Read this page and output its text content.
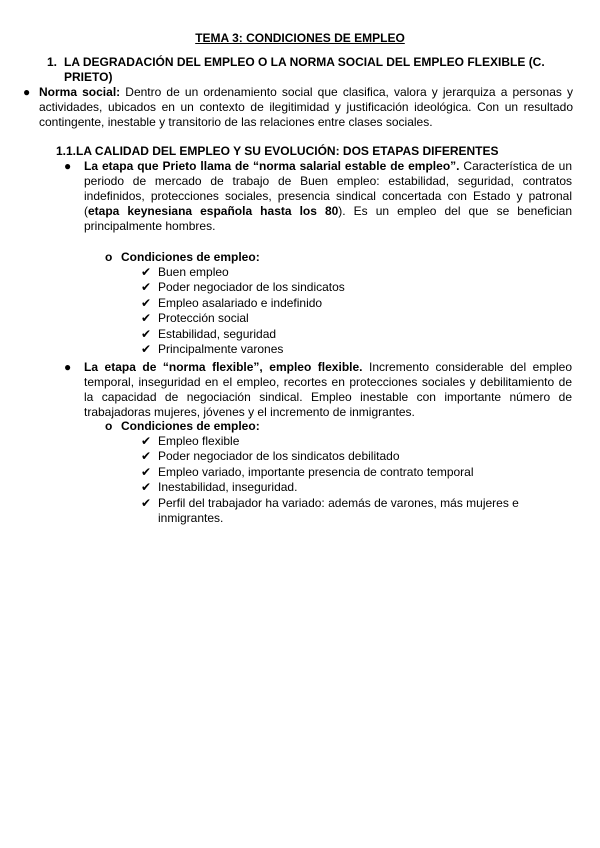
TEMA 3: CONDICIONES DE EMPLEO
1. LA DEGRADACIÓN DEL EMPLEO O LA NORMA SOCIAL DEL EMPLEO FLEXIBLE (C. PRIETO)
● Norma social: Dentro de un ordenamiento social que clasifica, valora y jerarquiza a personas y actividades, ubicados en un contexto de ilegitimidad y justificación ideológica. Con un resultado contingente, inestable y transitorio de las relaciones entre clases sociales.
1.1.LA CALIDAD DEL EMPLEO Y SU EVOLUCIÓN: DOS ETAPAS DIFERENTES
● La etapa que Prieto llama de “norma salarial estable de empleo”. Característica de un periodo de mercado de trabajo de Buen empleo: estabilidad, seguridad, contratos indefinidos, protecciones sociales, presencia sindical concertada con Estado y patronal (etapa keynesiana española hasta los 80). Es un empleo del que se benefician principalmente hombres.
o Condiciones de empleo:
✔ Buen empleo
✔ Poder negociador de los sindicatos
✔ Empleo asalariado e indefinido
✔ Protección social
✔ Estabilidad, seguridad
✔ Principalmente varones
● La etapa de “norma flexible”, empleo flexible. Incremento considerable del empleo temporal, inseguridad en el empleo, recortes en protecciones sociales y debilitamiento de la capacidad de negociación sindical. Empleo inestable con importante número de trabajadoras mujeres, jóvenes y el incremento de inmigrantes.
o Condiciones de empleo:
✔ Empleo flexible
✔ Poder negociador de los sindicatos debilitado
✔ Empleo variado, importante presencia de contrato temporal
✔ Inestabilidad, inseguridad.
✔ Perfil del trabajador ha variado: además de varones, más mujeres e inmigrantes.
